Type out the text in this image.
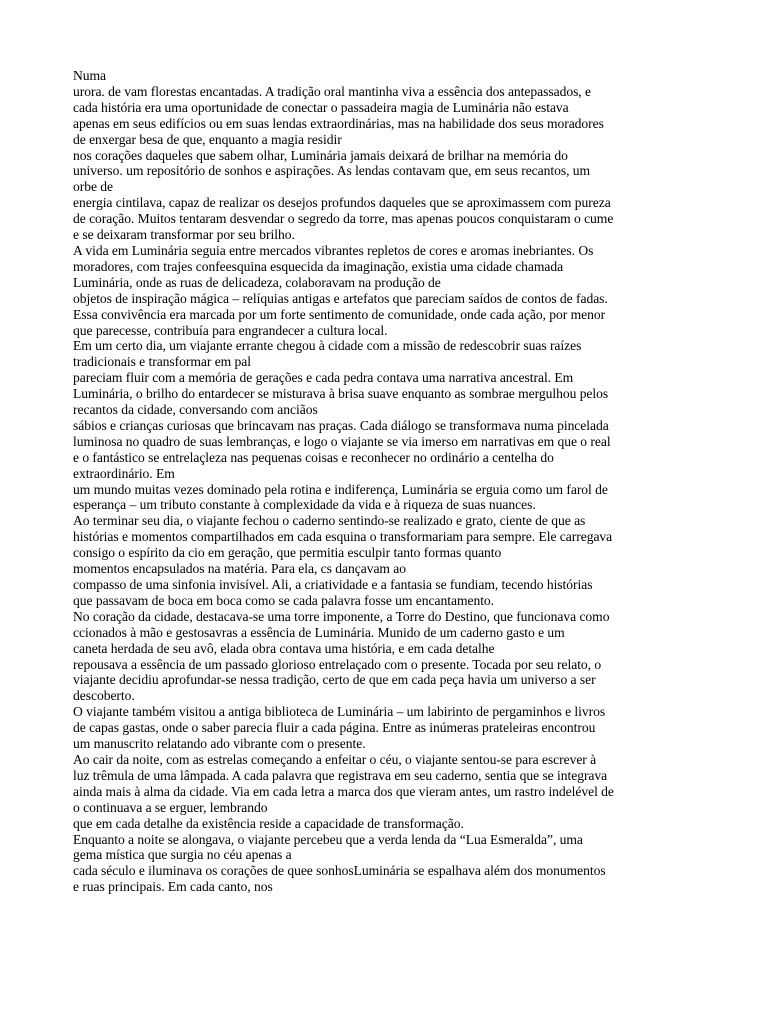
Numa
urora. de vam florestas encantadas. A tradição oral mantinha viva a essência dos antepassados, e
cada história era uma oportunidade de conectar o passadeira magia de Luminária não estava
apenas em seus edifícios ou em suas lendas extraordinárias, mas na habilidade dos seus moradores
de enxergar besa de que, enquanto a magia residir
nos corações daqueles que sabem olhar, Luminária jamais deixará de brilhar na memória do
universo. um repositório de sonhos e aspirações. As lendas contavam que, em seus recantos, um
orbe de
energia cintilava, capaz de realizar os desejos profundos daqueles que se aproximassem com pureza
de coração. Muitos tentaram desvendar o segredo da torre, mas apenas poucos conquistaram o cume
e se deixaram transformar por seu brilho.
A vida em Luminária seguia entre mercados vibrantes repletos de cores e aromas inebriantes. Os
moradores, com trajes confeesquina esquecida da imaginação, existia uma cidade chamada
Luminária, onde as ruas de delicadeza, colaboravam na produção de
objetos de inspiração mágica – relíquias antigas e artefatos que pareciam saídos de contos de fadas.
Essa convivência era marcada por um forte sentimento de comunidade, onde cada ação, por menor
que parecesse, contribuía para engrandecer a cultura local.
Em um certo dia, um viajante errante chegou à cidade com a missão de redescobrir suas raízes
tradicionais e transformar em pal
pareciam fluir com a memória de gerações e cada pedra contava uma narrativa ancestral. Em
Luminária, o brilho do entardecer se misturava à brisa suave enquanto as sombrae mergulhou pelos
recantos da cidade, conversando com anciãos
sábios e crianças curiosas que brincavam nas praças. Cada diálogo se transformava numa pincelada
luminosa no quadro de suas lembranças, e logo o viajante se via imerso em narrativas em que o real
e o fantástico se entrelaçleza nas pequenas coisas e reconhecer no ordinário a centelha do
extraordinário. Em
um mundo muitas vezes dominado pela rotina e indiferença, Luminária se erguia como um farol de
esperança – um tributo constante à complexidade da vida e à riqueza de suas nuances.
Ao terminar seu dia, o viajante fechou o caderno sentindo-se realizado e grato, ciente de que as
histórias e momentos compartilhados em cada esquina o transformariam para sempre. Ele carregava
consigo o espírito da cio em geração, que permitia esculpir tanto formas quanto
momentos encapsulados na matéria. Para ela, cs dançavam ao
compasso de uma sinfonia invisível. Ali, a criatividade e a fantasia se fundiam, tecendo histórias
que passavam de boca em boca como se cada palavra fosse um encantamento.
No coração da cidade, destacava-se uma torre imponente, a Torre do Destino, que funcionava como
ccionados à mão e gestosavras a essência de Luminária. Munido de um caderno gasto e um
caneta herdada de seu avô, elada obra contava uma história, e em cada detalhe
repousava a essência de um passado glorioso entrelaçado com o presente. Tocada por seu relato, o
viajante decidiu aprofundar-se nessa tradição, certo de que em cada peça havia um universo a ser
descoberto.
O viajante também visitou a antiga biblioteca de Luminária – um labirinto de pergaminhos e livros
de capas gastas, onde o saber parecia fluir a cada página. Entre as inúmeras prateleiras encontrou
um manuscrito relatando ado vibrante com o presente.
Ao cair da noite, com as estrelas começando a enfeitar o céu, o viajante sentou-se para escrever à
luz trêmula de uma lâmpada. A cada palavra que registrava em seu caderno, sentia que se integrava
ainda mais à alma da cidade. Via em cada letra a marca dos que vieram antes, um rastro indelével de
o continuava a se erguer, lembrando
que em cada detalhe da existência reside a capacidade de transformação.
Enquanto a noite se alongava, o viajante percebeu que a verda lenda da “Lua Esmeralda”, uma
gema mística que surgia no céu apenas a
cada século e iluminava os corações de quee sonhosLuminária se espalhava além dos monumentos
e ruas principais. Em cada canto, nos
